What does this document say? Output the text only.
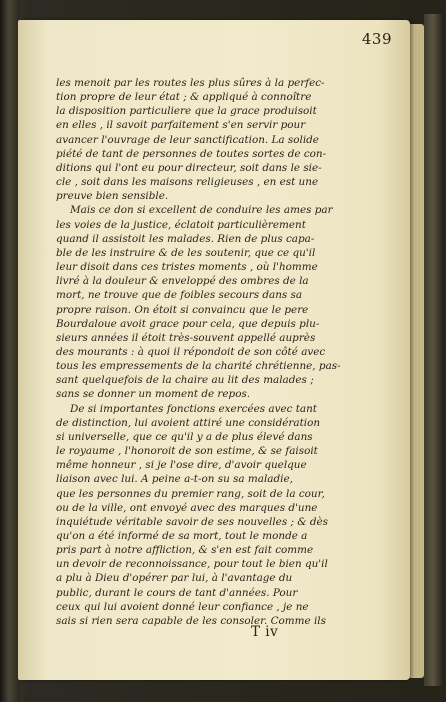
439
les menoit par les routes les plus sûres à la perfec-
tion propre de leur état ; & appliqué à connoître
la disposition particuliere que la grace produisoit
en elles , il savoit parfaitement s'en servir pour
avancer l'ouvrage de leur sanctification. La solide
piété de tant de personnes de toutes sortes de con-
ditions qui l'ont eu pour directeur, soit dans le sie-
cle , soit dans les maisons religieuses , en est une
preuve bien sensible.
Mais ce don si excellent de conduire les ames par
les voies de la justice, éclatoit particulièrement
quand il assistoit les malades. Rien de plus capa-
ble de les instruire & de les soutenir, que ce qu'il
leur disoit dans ces tristes moments , où l'homme
livré à la douleur & enveloppé des ombres de la
mort, ne trouve que de foibles secours dans sa
propre raison. On étoit si convaincu que le pere
Bourdaloue avoit grace pour cela, que depuis plu-
sieurs années il étoit très-souvent appellé auprès
des mourants : à quoi il répondoit de son côté avec
tous les empressements de la charité chrétienne, pas-
sant quelquefois de la chaire au lit des malades ;
sans se donner un moment de repos.
De si importantes fonctions exercées avec tant
de distinction, lui avoient attiré une considération
si universelle, que ce qu'il y a de plus élevé dans
le royaume , l'honoroit de son estime, & se faisoit
même honneur , si je l'ose dire, d'avoir quelque
liaison avec lui. A peine a-t-on su sa maladie,
que les personnes du premier rang, soit de la cour,
ou de la ville, ont envoyé avec des marques d'une
inquiétude véritable savoir de ses nouvelles ; & dès
qu'on a été informé de sa mort, tout le monde a
pris part à notre affliction, & s'en est fait comme
un devoir de reconnoissance, pour tout le bien qu'il
a plu à Dieu d'opérer par lui, à l'avantage du
public, durant le cours de tant d'années. Pour
ceux qui lui avoient donné leur confiance , je ne
sais si rien sera capable de les consoler. Comme ils
T iv
